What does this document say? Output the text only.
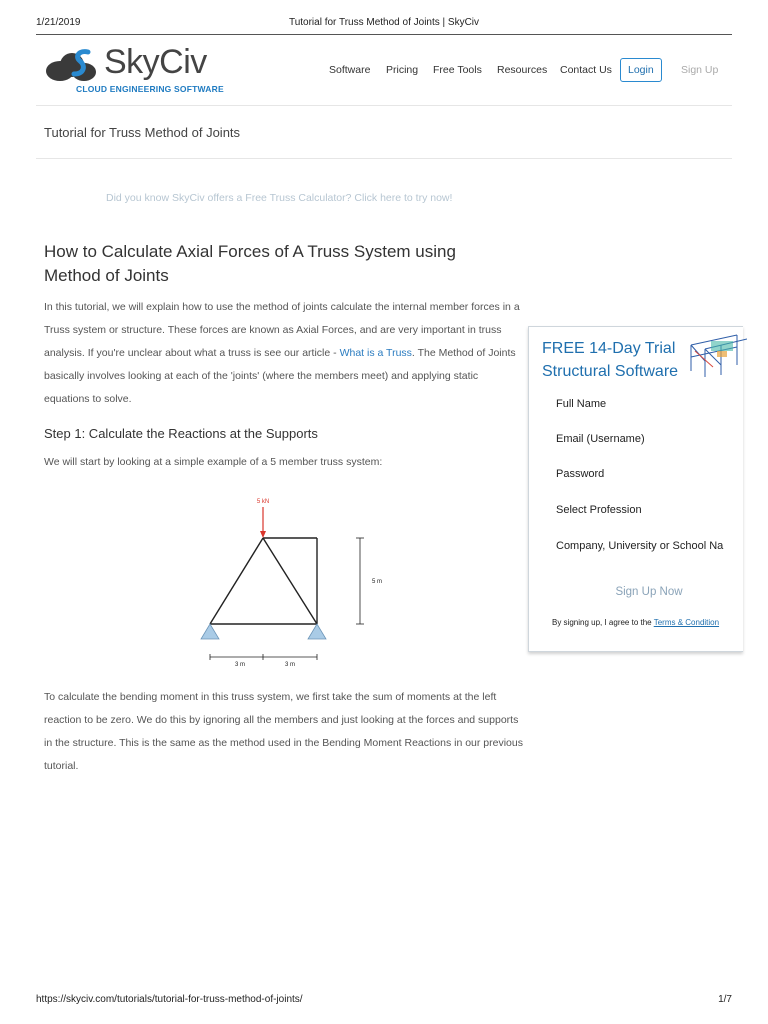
1/21/2019	Tutorial for Truss Method of Joints | SkyCiv
SkyCiv
CLOUD ENGINEERING SOFTWARE
Software Pricing Free Tools Resources Contact Us	Login	Sign Up
Tutorial for Truss Method of Joints
Did you know SkyCiv offers a Free Truss Calculator? Click here to try now!
How to Calculate Axial Forces of A Truss System using Method of Joints
In this tutorial, we will explain how to use the method of joints calculate the internal member forces in a Truss system or structure. These forces are known as Axial Forces, and are very important in truss analysis. If you're unclear about what a truss is see our article - What is a Truss. The Method of Joints basically involves looking at each of the 'joints' (where the members meet) and applying static equations to solve.
Step 1: Calculate the Reactions at the Supports
We will start by looking at a simple example of a 5 member truss system:
5 kN
5 m
3 m	3 m
To calculate the bending moment in this truss system, we first take the sum of moments at the left reaction to be zero. We do this by ignoring all the members and just looking at the forces and supports in the structure. This is the same as the method used in the Bending Moment Reactions in our previous tutorial.
FREE 14-Day Trial
Structural Software
Full Name
Email (Username)
Password
Select Profession
Company, University or School Na
Sign Up Now
By signing up, I agree to the Terms & Condition
https://skyciv.com/tutorials/tutorial-for-truss-method-of-joints/	1/7
